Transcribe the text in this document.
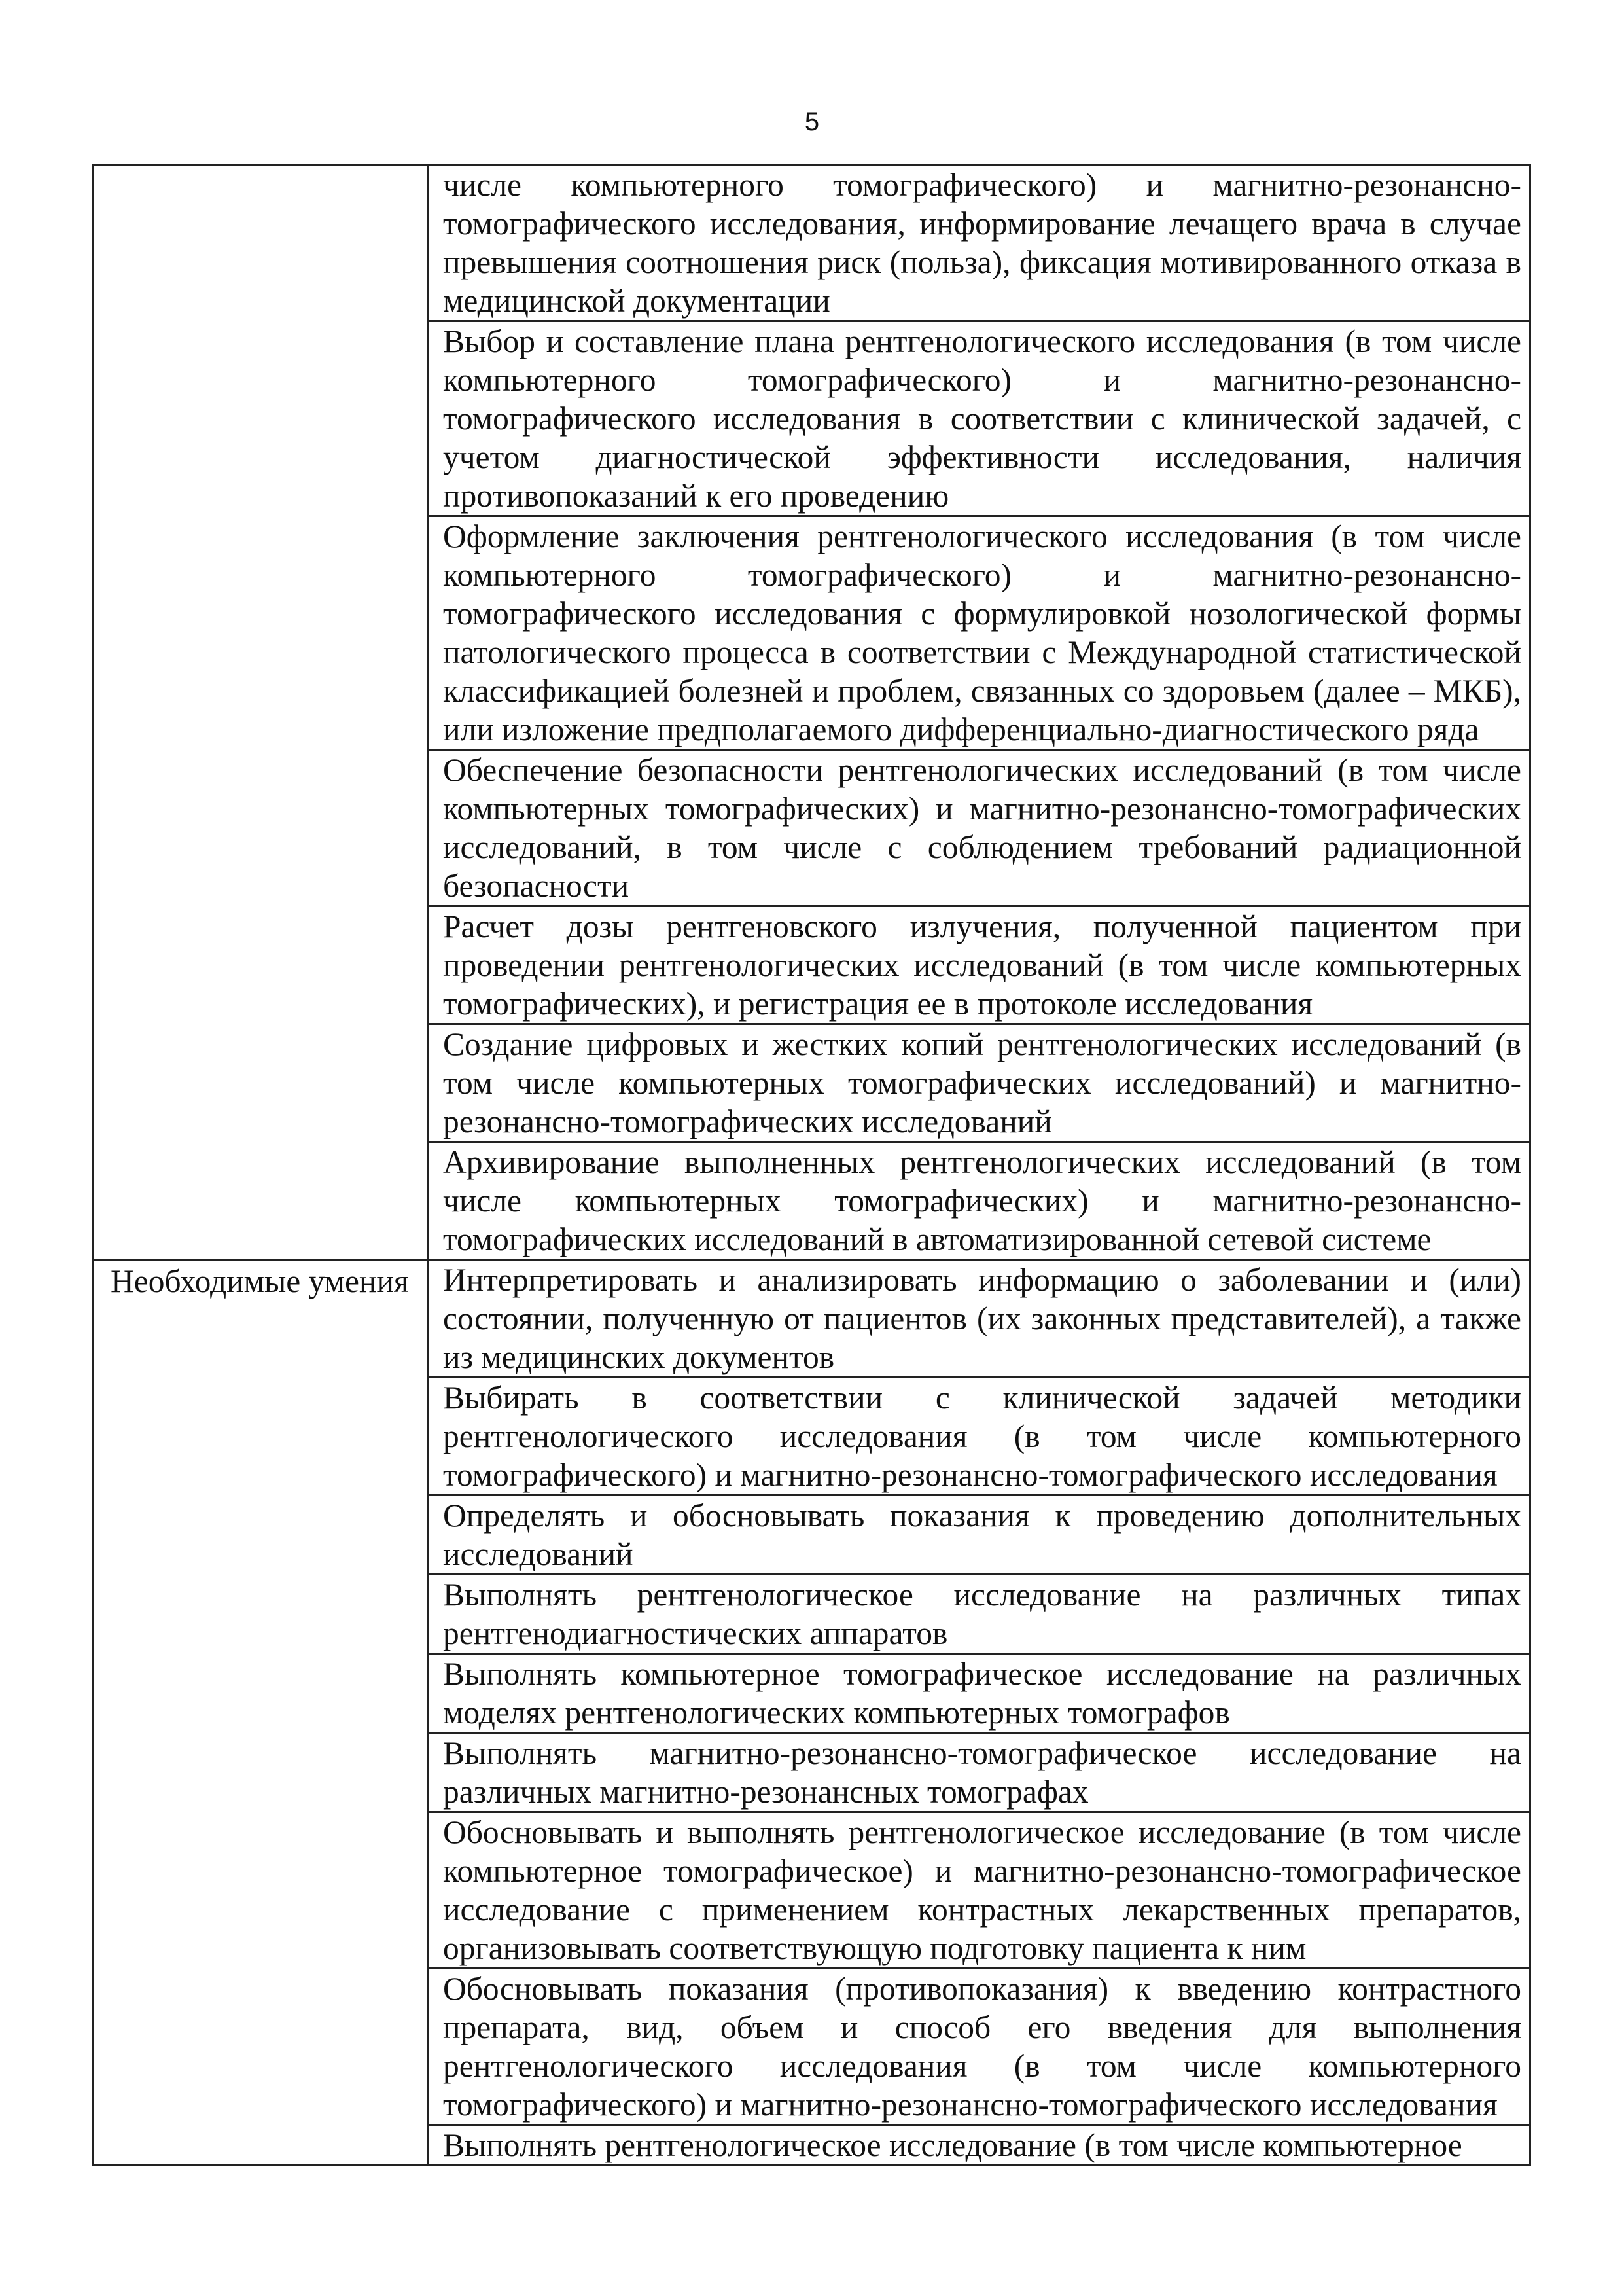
5
	числе компьютерного томографического) и магнитно-резонансно-томографического исследования, информирование лечащего врача в случае превышения соотношения риск (польза), фиксация мотивированного отказа в медицинской документации
	Выбор и составление плана рентгенологического исследования (в том числе компьютерного томографического) и магнитно-резонансно-томографического исследования в соответствии с клинической задачей, с учетом диагностической эффективности исследования, наличия противопоказаний к его проведению
	Оформление заключения рентгенологического исследования (в том числе компьютерного томографического) и магнитно-резонансно-томографического исследования с формулировкой нозологической формы патологического процесса в соответствии с Международной статистической классификацией болезней и проблем, связанных со здоровьем (далее – МКБ), или изложение предполагаемого дифференциально-диагностического ряда
	Обеспечение безопасности рентгенологических исследований (в том числе компьютерных томографических) и магнитно-резонансно-томографических исследований, в том числе с соблюдением требований радиационной безопасности
	Расчет дозы рентгеновского излучения, полученной пациентом при проведении рентгенологических исследований (в том числе компьютерных томографических), и регистрация ее в протоколе исследования
	Создание цифровых и жестких копий рентгенологических исследований (в том числе компьютерных томографических исследований) и магнитно-резонансно-томографических исследований
	Архивирование выполненных рентгенологических исследований (в том числе компьютерных томографических) и магнитно-резонансно-томографических исследований в автоматизированной сетевой системе
Необходимые умения	Интерпретировать и анализировать информацию о заболевании и (или) состоянии, полученную от пациентов (их законных представителей), а также из медицинских документов
	Выбирать в соответствии с клинической задачей методики рентгенологического исследования (в том числе компьютерного томографического) и магнитно-резонансно-томографического исследования
	Определять и обосновывать показания к проведению дополнительных исследований
	Выполнять рентгенологическое исследование на различных типах рентгенодиагностических аппаратов
	Выполнять компьютерное томографическое исследование на различных моделях рентгенологических компьютерных томографов
	Выполнять магнитно-резонансно-томографическое исследование на различных магнитно-резонансных томографах
	Обосновывать и выполнять рентгенологическое исследование (в том числе компьютерное томографическое) и магнитно-резонансно-томографическое исследование с применением контрастных лекарственных препаратов, организовывать соответствующую подготовку пациента к ним
	Обосновывать показания (противопоказания) к введению контрастного препарата, вид, объем и способ его введения для выполнения рентгенологического исследования (в том числе компьютерного томографического) и магнитно-резонансно-томографического исследования
	Выполнять рентгенологическое исследование (в том числе компьютерное
